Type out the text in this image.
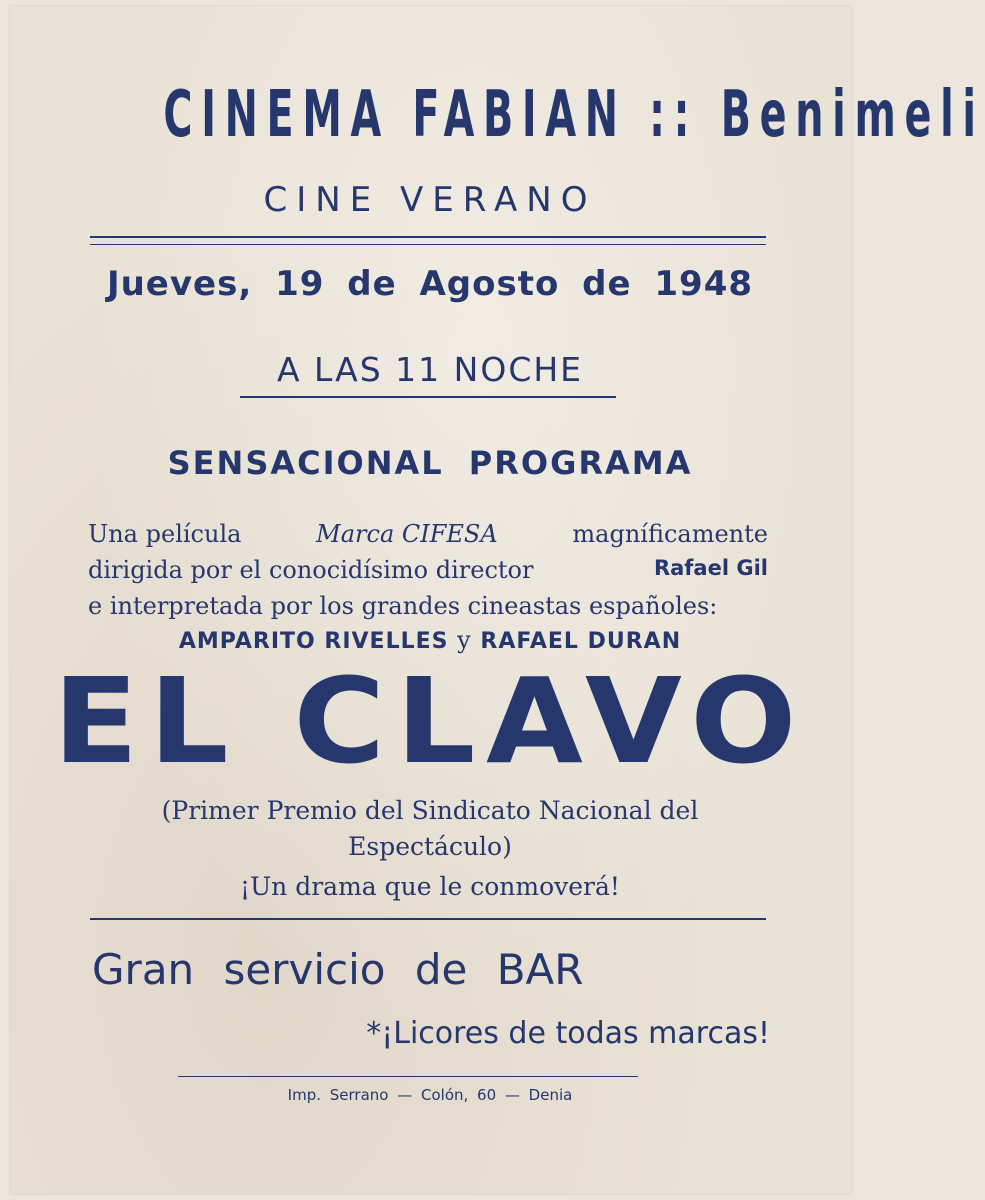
CINEMA FABIAN :: Benimeli
CINE VERANO
Jueves, 19 de Agosto de 1948
A LAS 11 NOCHE
SENSACIONAL PROGRAMA
Una película	Marca CIFESA	magníficamente
dirigida por el conocidísimo director	Rafael Gil
e interpretada por los grandes cineastas españoles:
AMPARITO RIVELLES y RAFAEL DURAN
EL CLAVO
(Primer Premio del Sindicato Nacional del
Espectáculo)
¡Un drama que le conmoverá!
Gran servicio de BAR
*¡Licores de todas marcas!
Imp. Serrano — Colón, 60 — Denia
